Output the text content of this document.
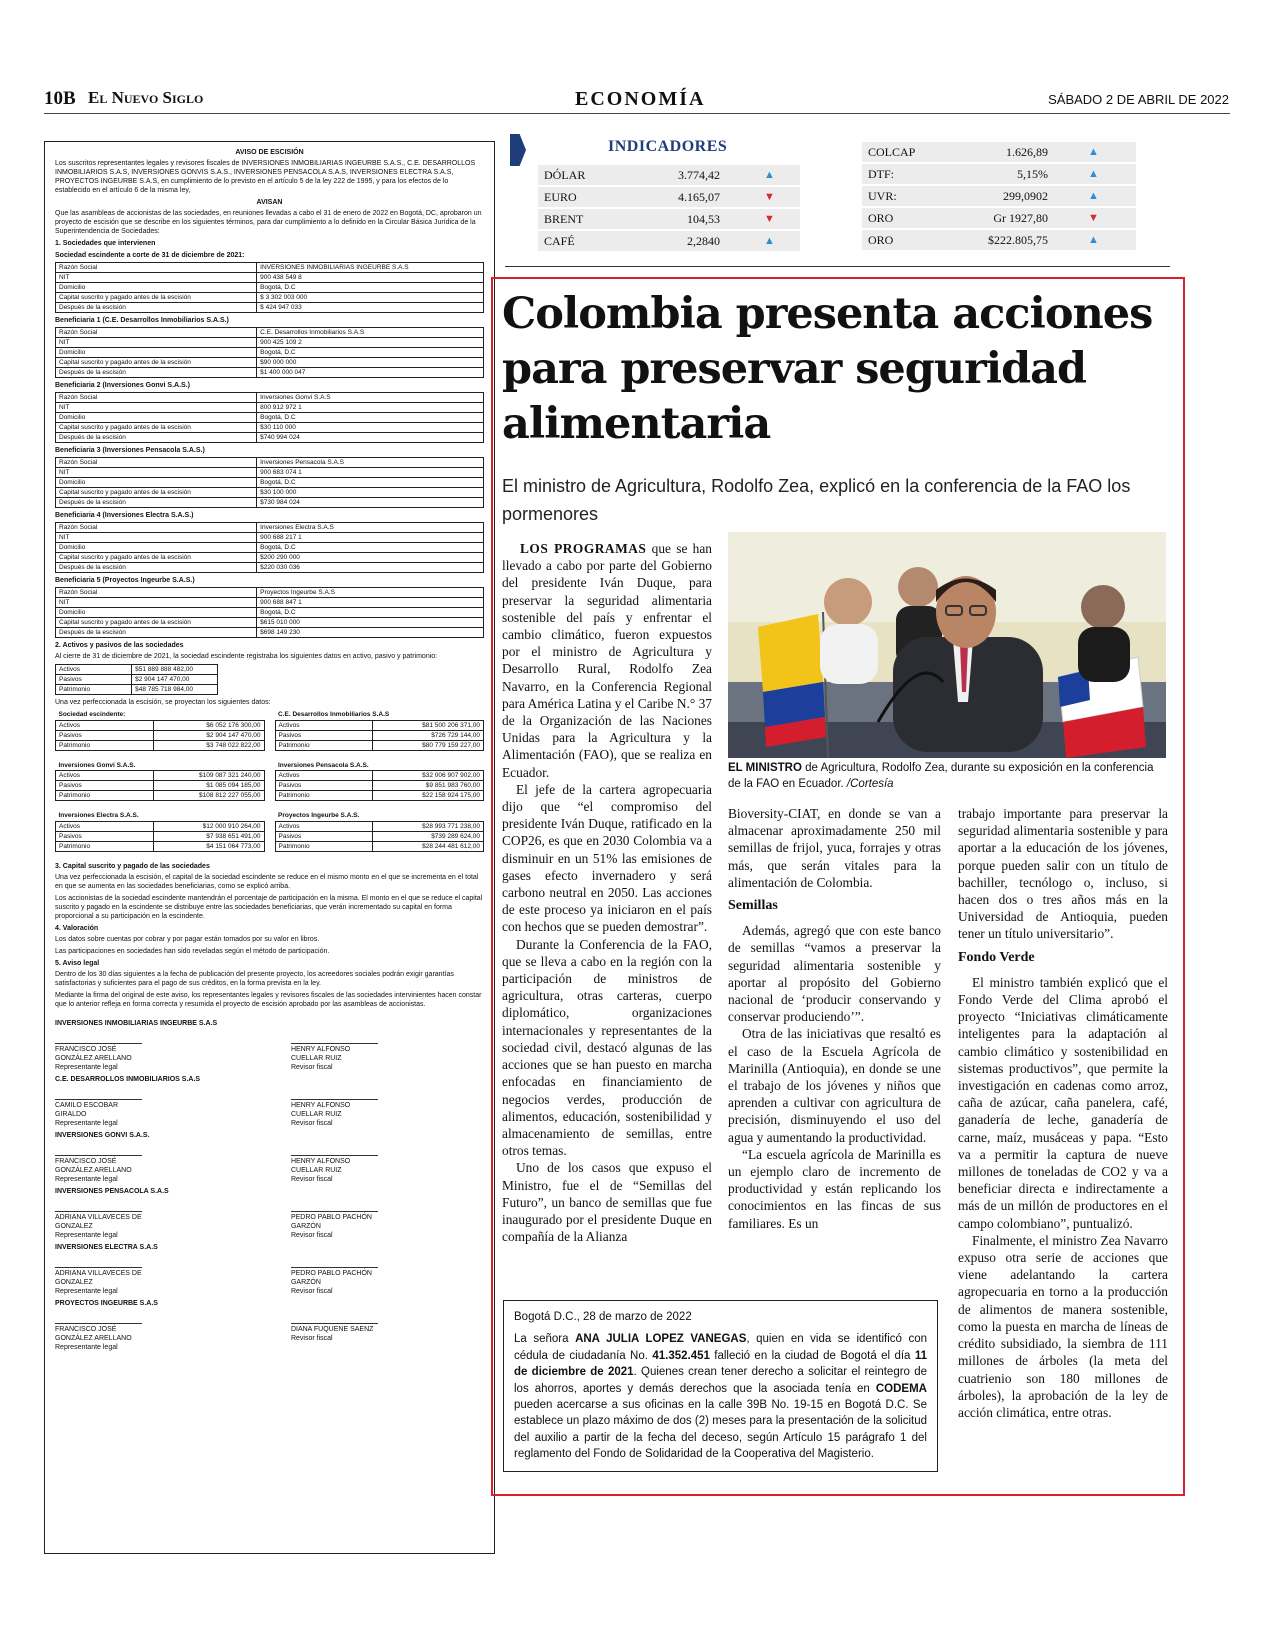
10B El Nuevo Siglo	ECONOMÍA	SÁBADO 2 DE ABRIL DE 2022
AVISO DE ESCISIÓN

Los suscritos representantes legales y revisores fiscales de INVERSIONES INMOBILIARIAS INGEURBE S.A.S., C.E. DESARROLLOS INMOBILIARIOS S.A.S, INVERSIONES GONVIS S.A.S., INVERSIONES PENSACOLA S.A.S, INVERSIONES ELECTRA S.A.S, PROYECTOS INGEURBE S.A.S, en cumplimiento de lo previsto en el artículo 5 de la ley 222 de 1995, y para los efectos de lo establecido en el artículo 6 de la misma ley,

AVISAN

Que las asambleas de accionistas de las sociedades, en reuniones llevadas a cabo el 31 de enero de 2022 en Bogotá, DC, aprobaron un proyecto de escisión que se describe en los siguientes términos, para dar cumplimiento a lo definido en la Circular Básica Jurídica de la Superintendencia de Sociedades:

1. Sociedades que intervienen
Sociedad escindente a corte de 31 de diciembre de 2021:
Razón Social	INVERSIONES INMOBILIARIAS INGEURBE S.A.S
NIT	900 438 549 8
Domicilio	Bogotá, D.C
Capital suscrito y pagado antes de la escisión	$ 3 302 003 000
Después de la escisión	$ 424 947 033
Beneficiaria 1 (C.E. Desarrollos Inmobiliarios S.A.S.)
Razón Social	C.E. Desarrollos Inmobiliarios S.A.S
NIT	900 425 109 2
Domicilio	Bogotá, D.C
Capital suscrito y pagado antes de la escisión	$90 000 000
Después de la escisión	$1 400 000 047
Beneficiaria 2 (Inversiones Gonvi S.A.S.)
Razón Social	Inversiones Gonvi S.A.S
NIT	800 912 972 1
Domicilio	Bogotá, D.C
Capital suscrito y pagado antes de la escisión	$30 110 000
Después de la escisión	$740 994 024
Beneficiaria 3 (Inversiones Pensacola S.A.S.)
Razón Social	Inversiones Pensacola S.A.S
NIT	900 683 074 1
Domicilio	Bogotá, D.C
Capital suscrito y pagado antes de la escisión	$30 100 000
Después de la escisión	$730 984 024
Beneficiaria 4 (Inversiones Electra S.A.S.)
Razón Social	Inversiones Electra S.A.S
NIT	900 688 217 1
Domicilio	Bogotá, D.C
Capital suscrito y pagado antes de la escisión	$200 290 000
Después de la escisión	$220 030 036
Beneficiaria 5 (Proyectos Ingeurbe S.A.S.)
Razón Social	Proyectos Ingeurbe S.A.S
NIT	900 688 847 1
Domicilio	Bogotá, D.C
Capital suscrito y pagado antes de la escisión	$615 010 000
Después de la escisión	$698 149 230
2. Activos y pasivos de las sociedades

Al cierre de 31 de diciembre de 2021, la sociedad escindente registraba los siguientes datos en activo, pasivo y patrimonio:

Activos	$51 889 888 482,00
Pasivos	$2 904 147 470,00
Patrimonio	$48 785 718 984,00

Una vez perfeccionada la escisión, se proyectan los siguientes datos:

Sociedad escindente:	
Activos	$6 052 176 300,00
Pasivos	$2 904 147 470,00
Patrimonio	$3 748 022 822,00
C.E. Desarrollos Inmobiliarios S.A.S	
Activos	$81 500 206 371,00
Pasivos	$726 729 144,00
Patrimonio	$80 779 159 227,00
Inversiones Gonvi S.A.S.	
Activos	$109 087 321 240,00
Pasivos	$1 085 094 185,00
Patrimonio	$108 812 227 055,00
Inversiones Pensacola S.A.S.	
Activos	$32 006 907 902,00
Pasivos	$9 851 983 760,00
Patrimonio	$22 158 924 175,00
Inversiones Electra S.A.S.	
Activos	$12 000 910 264,00
Pasivos	$7 938 651 491,00
Patrimonio	$4 151 064 773,00
Proyectos Ingeurbe S.A.S.	
Activos	$28 993 771 238,00
Pasivos	$739 289 624,00
Patrimonio	$28 244 481 612,00
3. Capital suscrito y pagado de las sociedades

Una vez perfeccionada la escisión, el capital de la sociedad escindente se reduce en el mismo monto en el que se incrementa en el total en que se aumenta en las sociedades beneficiarias, como se explicó arriba.

Los accionistas de la sociedad escindente mantendrán el porcentaje de participación en la misma. El monto en el que se reduce el capital suscrito y pagado en la escindente se distribuye entre las sociedades beneficiarias, que verán incrementado su capital en forma proporcional a su participación en la escindente.

4. Valoración

Los datos sobre cuentas por cobrar y por pagar están tomados por su valor en libros.

Las participaciones en sociedades han sido reveladas según el método de participación.

5. Aviso legal

Dentro de los 30 días siguientes a la fecha de publicación del presente proyecto, los acreedores sociales podrán exigir garantías satisfactorias y suficientes para el pago de sus créditos, en la forma prevista en la ley.

Mediante la firma del original de este aviso, los representantes legales y revisores fiscales de las sociedades intervinientes hacen constar que lo anterior refleja en forma correcta y resumida el proyecto de escisión aprobado por las asambleas de accionistas.

INVERSIONES INMOBILIARIAS INGEURBE S.A.S
FRANCISCO JOSÉ GONZÁLEZ ARELLANO
Representante legal
HENRY ALFONSO CUELLAR RUIZ
Revisor fiscal
C.E. DESARROLLOS INMOBILIARIOS S.A.S
CAMILO ESCOBAR GIRALDO
Representante legal
HENRY ALFONSO CUELLAR RUIZ
Revisor fiscal
INVERSIONES GONVI S.A.S.
FRANCISCO JOSÉ GONZÁLEZ ARELLANO
Representante legal
HENRY ALFONSO CUELLAR RUIZ
Revisor fiscal
INVERSIONES PENSACOLA S.A.S
ADRIANA VILLAVECES DE GONZALEZ
Representante legal
PEDRO PABLO PACHÓN GARZÓN
Revisor fiscal
INVERSIONES ELECTRA S.A.S
ADRIANA VILLAVECES DE GONZALEZ
Representante legal
PEDRO PABLO PACHÓN GARZÓN
Revisor fiscal
PROYECTOS INGEURBE S.A.S
FRANCISCO JOSÉ GONZÁLEZ ARELLANO
Representante legal
DIANA FUQUENE SAENZ
Revisor fiscal
INDICADORES
DÓLAR	3.774,42	▲
EURO	4.165,07	▼
BRENT	104,53	▼
CAFÉ	2,2840	▲
COLCAP	1.626,89	▲
DTF:	5,15%	▲
UVR:	299,0902	▲
ORO	Gr 1927,80	▼
ORO	$222.805,75	▲
Colombia presenta acciones para preservar seguridad alimentaria
El ministro de Agricultura, Rodolfo Zea, explicó en la conferencia de la FAO los pormenores
EL MINISTRO de Agricultura, Rodolfo Zea, durante su exposición en la conferencia de la FAO en Ecuador. /Cortesía

LOS PROGRAMAS que se han llevado a cabo por parte del Gobierno del presidente Iván Duque, para preservar la seguridad alimentaria sostenible del país y enfrentar el cambio climático, fueron expuestos por el ministro de Agricultura y Desarrollo Rural, Rodolfo Zea Navarro, en la Conferencia Regional para América Latina y el Caribe N.° 37 de la Organización de las Naciones Unidas para la Agricultura y la Alimentación (FAO), que se realiza en Ecuador.

El jefe de la cartera agropecuaria dijo que “el compromiso del presidente Iván Duque, ratificado en la COP26, es que en 2030 Colombia va a disminuir en un 51% las emisiones de gases efecto invernadero y será carbono neutral en 2050. Las acciones de este proceso ya iniciaron en el país con hechos que se pueden demostrar”.

Durante la Conferencia de la FAO, que se lleva a cabo en la región con la participación de ministros de agricultura, otras carteras, cuerpo diplomático, organizaciones internacionales y representantes de la sociedad civil, destacó algunas de las acciones que se han puesto en marcha enfocadas en financiamiento de negocios verdes, producción de alimentos, educación, sostenibilidad y almacenamiento de semillas, entre otros temas.

Uno de los casos que expuso el Ministro, fue el de “Semillas del Futuro”, un banco de semillas que fue inaugurado por el presidente Duque en compañía de la Alianza

Bioversity-CIAT, en donde se van a almacenar aproximadamente 250 mil semillas de frijol, yuca, forrajes y otras más, que serán vitales para la alimentación de Colombia.

Semillas

Además, agregó que con este banco de semillas “vamos a preservar la seguridad alimentaria sostenible y aportar al propósito del Gobierno nacional de ‘producir conservando y conservar produciendo’”.

Otra de las iniciativas que resaltó es el caso de la Escuela Agrícola de Marinilla (Antioquia), en donde se une el trabajo de los jóvenes y niños que aprenden a cultivar con agricultura de precisión, disminuyendo el uso del agua y aumentando la productividad.

“La escuela agrícola de Marinilla es un ejemplo claro de incremento de productividad y están replicando los conocimientos en las fincas de sus familiares. Es un

trabajo importante para preservar la seguridad alimentaria sostenible y para aportar a la educación de los jóvenes, porque pueden salir con un título de bachiller, tecnólogo o, incluso, si hacen dos o tres años más en la Universidad de Antioquia, pueden tener un título universitario”.

Fondo Verde

El ministro también explicó que el Fondo Verde del Clima aprobó el proyecto “Iniciativas climáticamente inteligentes para la adaptación al cambio climático y sostenibilidad en sistemas productivos”, que permite la investigación en cadenas como arroz, caña de azúcar, caña panelera, café, ganadería de leche, ganadería de carne, maíz, musáceas y papa. “Esto va a permitir la captura de nueve millones de toneladas de CO2 y va a beneficiar directa e indirectamente a más de un millón de productores en el campo colombiano”, puntualizó.

Finalmente, el ministro Zea Navarro expuso otra serie de acciones que viene adelantando la cartera agropecuaria en torno a la producción de alimentos de manera sostenible, como la puesta en marcha de líneas de crédito subsidiado, la siembra de 111 millones de árboles (la meta del cuatrienio son 180 millones de árboles), la aprobación de la ley de acción climática, entre otras.

Bogotá D.C., 28 de marzo de 2022
La señora ANA JULIA LOPEZ VANEGAS, quien en vida se identificó con cédula de ciudadanía No. 41.352.451 falleció en la ciudad de Bogotá el día 11 de diciembre de 2021. Quienes crean tener derecho a solicitar el reintegro de los ahorros, aportes y demás derechos que la asociada tenía en CODEMA pueden acercarse a sus oficinas en la calle 39B No. 19-15 en Bogotá D.C. Se establece un plazo máximo de dos (2) meses para la presentación de la solicitud del auxilio a partir de la fecha del deceso, según Artículo 15 parágrafo 1 del reglamento del Fondo de Solidaridad de la Cooperativa del Magisterio.
